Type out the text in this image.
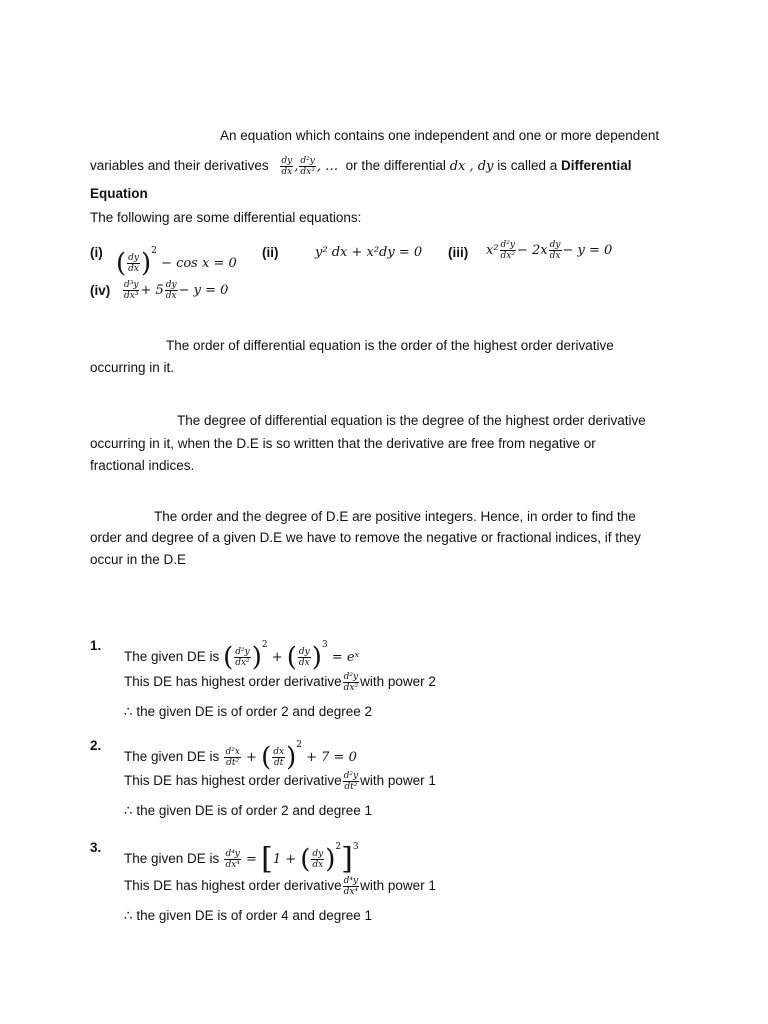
An equation which contains one independent and one or more dependent
variables and their derivatives $\frac{dy}{dx}$ , $\frac{\text{d²y}}{\text{dx²}}$ , … or the differential dx , dy is called a Differential
Equation
The following are some differential equations:
(i) ( $\frac{dy}{dx} )^2 - \cos x = 0$
(ii)	y² dx + x²dy = 0 (iii) $x^2 \frac{\text{d²y}}{\text{dx²}} - 2x \frac{dy}{dx} - y = 0$
$(iv) \frac{\text{d³y}}{\text{dx³}} + 5 \frac{dy}{dx} - y = 0$
The order of differential equation is the order of the highest order derivative
occurring in it.
The degree of differential equation is the degree of the highest order derivative
occurring in it, when the D.E is so written that the derivative are free from negative or
fractional indices.
The order and the degree of D.E are positive integers. Hence, in order to find the
order and degree of a given D.E we have to remove the negative or fractional indices, if they
occur in the D.E
1.
The given DE is ( $\frac{\text{d²y}}{\text{dx²}} )^2$ + ( $\frac{dy}{dx} )^3$ = eˣ
This DE has highest order derivative $\frac{\text{d²y}}{\text{dx²}}$ with power 2
∴ the given DE is of order 2 and degree 2
2.
The given DE is $\frac{\text{d²x}}{\text{dt²}}$ + ( $\frac{dx}{dt} )^2 + 7 = 0$
This DE has highest order derivative $\frac{\text{d²y}}{\text{dt²}}$ with power 1
∴ the given DE is of order 2 and degree 1
3.
The given DE is $\frac{\text{d⁴y}}{\text{dx⁴}} = [1$ + ( $\frac{dy}{dx} )^2]^3$
This DE has highest order derivative $\frac{\text{d⁴y}}{\text{dx⁴}}$ with power 1
∴ the given DE is of order 4 and degree 1
